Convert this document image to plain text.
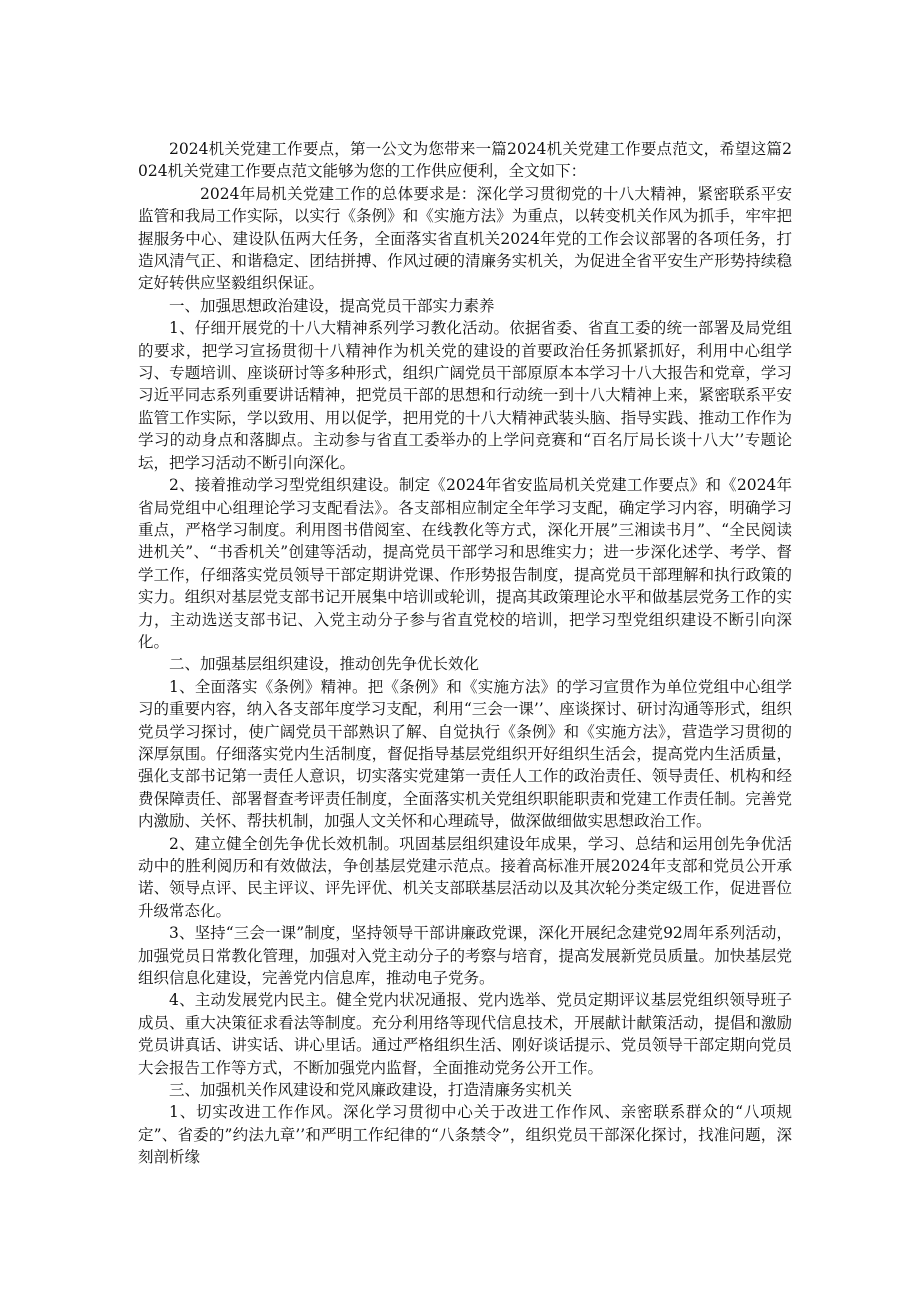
2024机关党建工作要点，第一公文为您带来一篇2024机关党建工作要点范文，希望这篇2024机关党建工作要点范文能够为您的工作供应便利，全文如下：

2024年局机关党建工作的总体要求是：深化学习贯彻党的十八大精神，紧密联系平安监管和我局工作实际，以实行《条例》和《实施方法》为重点，以转变机关作风为抓手，牢牢把握服务中心、建设队伍两大任务，全面落实省直机关2024年党的工作会议部署的各项任务，打造风清气正、和谐稳定、团结拼搏、作风过硬的清廉务实机关，为促进全省平安生产形势持续稳定好转供应坚毅组织保证。

一、加强思想政治建设，提高党员干部实力素养

1、仔细开展党的十八大精神系列学习教化活动。依据省委、省直工委的统一部署及局党组的要求，把学习宣扬贯彻十八精神作为机关党的建设的首要政治任务抓紧抓好，利用中心组学习、专题培训、座谈研讨等多种形式，组织广阔党员干部原原本本学习十八大报告和党章，学习习近平同志系列重要讲话精神，把党员干部的思想和行动统一到十八大精神上来，紧密联系平安监管工作实际，学以致用、用以促学，把用党的十八大精神武装头脑、指导实践、推动工作作为学习的动身点和落脚点。主动参与省直工委举办的上学问竞赛和“百名厅局长谈十八大’’专题论坛，把学习活动不断引向深化。

2、接着推动学习型党组织建设。制定《2024年省安监局机关党建工作要点》和《2024年省局党组中心组理论学习支配看法》。各支部相应制定全年学习支配，确定学习内容，明确学习重点，严格学习制度。利用图书借阅室、在线教化等方式，深化开展”三湘读书月”、“全民阅读进机关”、“书香机关”创建等活动，提高党员干部学习和思维实力；进一步深化述学、考学、督学工作，仔细落实党员领导干部定期讲党课、作形势报告制度，提高党员干部理解和执行政策的实力。组织对基层党支部书记开展集中培训或轮训，提高其政策理论水平和做基层党务工作的实力，主动选送支部书记、入党主动分子参与省直党校的培训，把学习型党组织建设不断引向深化。

二、加强基层组织建设，推动创先争优长效化

1、全面落实《条例》精神。把《条例》和《实施方法》的学习宣贯作为单位党组中心组学习的重要内容，纳入各支部年度学习支配，利用“三会一课’’、座谈探讨、研讨沟通等形式，组织党员学习探讨，使广阔党员干部熟识了解、自觉执行《条例》和《实施方法》，营造学习贯彻的深厚氛围。仔细落实党内生活制度，督促指导基层党组织开好组织生活会，提高党内生活质量，强化支部书记第一责任人意识，切实落实党建第一责任人工作的政治责任、领导责任、机构和经费保障责任、部署督查考评责任制度，全面落实机关党组织职能职责和党建工作责任制。完善党内激励、关怀、帮扶机制，加强人文关怀和心理疏导，做深做细做实思想政治工作。

2、建立健全创先争优长效机制。巩固基层组织建设年成果，学习、总结和运用创先争优活动中的胜利阅历和有效做法，争创基层党建示范点。接着高标准开展2024年支部和党员公开承诺、领导点评、民主评议、评先评优、机关支部联基层活动以及其次轮分类定级工作，促进晋位升级常态化。

3、坚持“三会一课”制度，坚持领导干部讲廉政党课，深化开展纪念建党92周年系列活动，加强党员日常教化管理，加强对入党主动分子的考察与培育，提高发展新党员质量。加快基层党组织信息化建设，完善党内信息库，推动电子党务。

4、主动发展党内民主。健全党内状况通报、党内选举、党员定期评议基层党组织领导班子成员、重大决策征求看法等制度。充分利用络等现代信息技术，开展献计献策活动，提倡和激励党员讲真话、讲实话、讲心里话。通过严格组织生活、刚好谈话提示、党员领导干部定期向党员大会报告工作等方式，不断加强党内监督，全面推动党务公开工作。

三、加强机关作风建设和党风廉政建设，打造清廉务实机关

1、切实改进工作作风。深化学习贯彻中心关于改进工作作风、亲密联系群众的“八项规定”、省委的”约法九章’’和严明工作纪律的“八条禁令”，组织党员干部深化探讨，找准问题，深刻剖析缘
